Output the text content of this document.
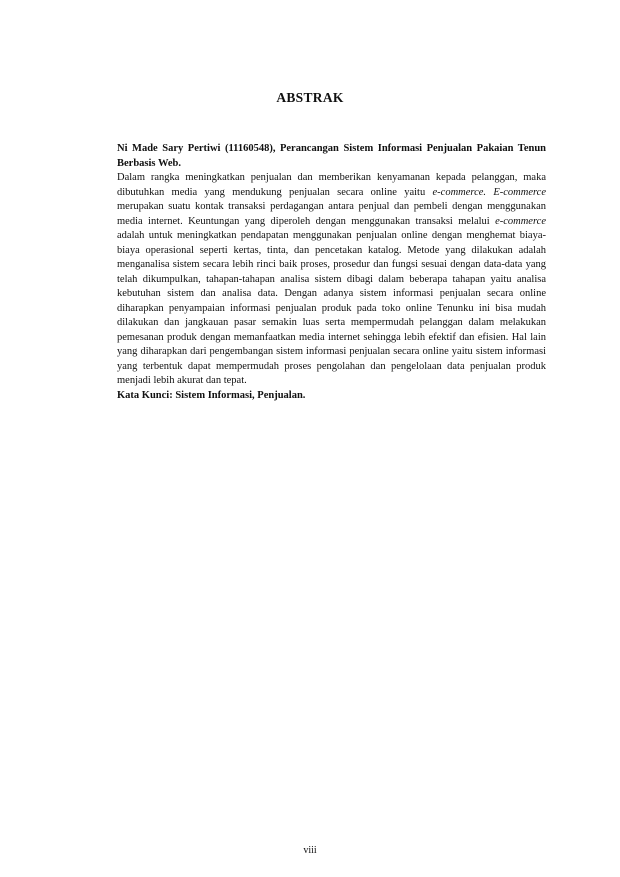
ABSTRAK

Ni Made Sary Pertiwi (11160548), Perancangan Sistem Informasi Penjualan Pakaian Tenun Berbasis Web.

Dalam rangka meningkatkan penjualan dan memberikan kenyamanan kepada pelanggan, maka dibutuhkan media yang mendukung penjualan secara online yaitu e-commerce. E-commerce merupakan suatu kontak transaksi perdagangan antara penjual dan pembeli dengan menggunakan media internet. Keuntungan yang diperoleh dengan menggunakan transaksi melalui e-commerce adalah untuk meningkatkan pendapatan menggunakan penjualan online dengan menghemat biaya-biaya operasional seperti kertas, tinta, dan pencetakan katalog. Metode yang dilakukan adalah menganalisa sistem secara lebih rinci baik proses, prosedur dan fungsi sesuai dengan data-data yang telah dikumpulkan, tahapan-tahapan analisa sistem dibagi dalam beberapa tahapan yaitu analisa kebutuhan sistem dan analisa data. Dengan adanya sistem informasi penjualan secara online diharapkan penyampaian informasi penjualan produk pada toko online Tenunku ini bisa mudah dilakukan dan jangkauan pasar semakin luas serta mempermudah pelanggan dalam melakukan pemesanan produk dengan memanfaatkan media internet sehingga lebih efektif dan efisien. Hal lain yang diharapkan dari pengembangan sistem informasi penjualan secara online yaitu sistem informasi yang terbentuk dapat mempermudah proses pengolahan dan pengelolaan data penjualan produk menjadi lebih akurat dan tepat.

Kata Kunci: Sistem Informasi, Penjualan.

viii
